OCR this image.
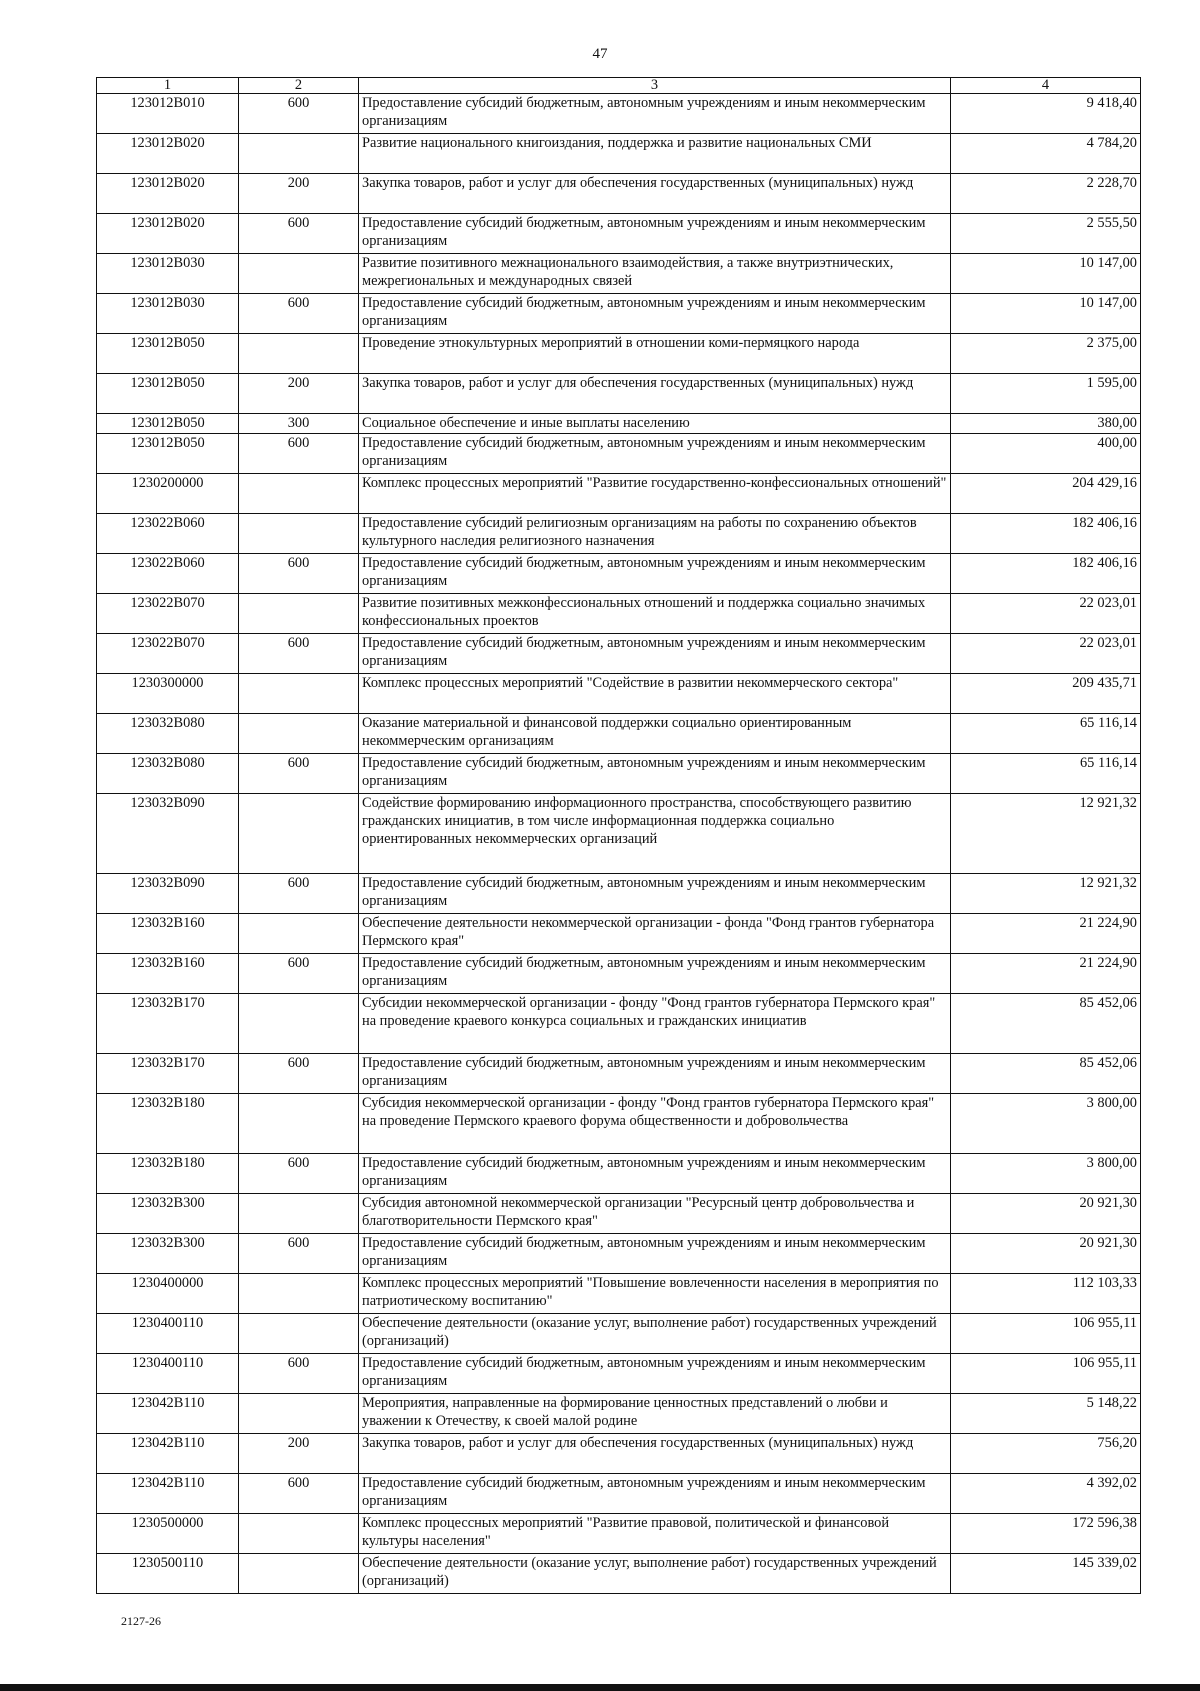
47
1	2	3	4
123012B010	600	Предоставление субсидий бюджетным, автономным учреждениям и иным некоммерческим организациям	9 418,40
123012B020		Развитие национального книгоиздания, поддержка и развитие национальных СМИ	4 784,20
123012B020	200	Закупка товаров, работ и услуг для обеспечения государственных (муниципальных) нужд	2 228,70
123012B020	600	Предоставление субсидий бюджетным, автономным учреждениям и иным некоммерческим организациям	2 555,50
123012B030		Развитие позитивного межнационального взаимодействия, а также внутриэтнических, межрегиональных и международных связей	10 147,00
123012B030	600	Предоставление субсидий бюджетным, автономным учреждениям и иным некоммерческим организациям	10 147,00
123012B050		Проведение этнокультурных мероприятий в отношении коми-пермяцкого народа	2 375,00
123012B050	200	Закупка товаров, работ и услуг для обеспечения государственных (муниципальных) нужд	1 595,00
123012B050	300	Социальное обеспечение и иные выплаты населению	380,00
123012B050	600	Предоставление субсидий бюджетным, автономным учреждениям и иным некоммерческим организациям	400,00
1230200000		Комплекс процессных мероприятий "Развитие государственно-конфессиональных отношений"	204 429,16
123022B060		Предоставление субсидий религиозным организациям на работы по сохранению объектов культурного наследия религиозного назначения	182 406,16
123022B060	600	Предоставление субсидий бюджетным, автономным учреждениям и иным некоммерческим организациям	182 406,16
123022B070		Развитие позитивных межконфессиональных отношений и поддержка социально значимых конфессиональных проектов	22 023,01
123022B070	600	Предоставление субсидий бюджетным, автономным учреждениям и иным некоммерческим организациям	22 023,01
1230300000		Комплекс процессных мероприятий "Содействие в развитии некоммерческого сектора"	209 435,71
123032B080		Оказание материальной и финансовой поддержки социально ориентированным некоммерческим организациям	65 116,14
123032B080	600	Предоставление субсидий бюджетным, автономным учреждениям и иным некоммерческим организациям	65 116,14
123032B090		Содействие формированию информационного пространства, способствующего развитию гражданских инициатив, в том числе информационная поддержка социально ориентированных некоммерческих организаций	12 921,32
123032B090	600	Предоставление субсидий бюджетным, автономным учреждениям и иным некоммерческим организациям	12 921,32
123032B160		Обеспечение деятельности некоммерческой организации - фонда "Фонд грантов губернатора Пермского края"	21 224,90
123032B160	600	Предоставление субсидий бюджетным, автономным учреждениям и иным некоммерческим организациям	21 224,90
123032B170		Субсидии некоммерческой организации - фонду "Фонд грантов губернатора Пермского края" на проведение краевого конкурса социальных и гражданских инициатив	85 452,06
123032B170	600	Предоставление субсидий бюджетным, автономным учреждениям и иным некоммерческим организациям	85 452,06
123032B180		Субсидия некоммерческой организации - фонду "Фонд грантов губернатора Пермского края" на проведение Пермского краевого форума общественности и добровольчества	3 800,00
123032B180	600	Предоставление субсидий бюджетным, автономным учреждениям и иным некоммерческим организациям	3 800,00
123032B300		Субсидия автономной некоммерческой организации "Ресурсный центр добровольчества и благотворительности Пермского края"	20 921,30
123032B300	600	Предоставление субсидий бюджетным, автономным учреждениям и иным некоммерческим организациям	20 921,30
1230400000		Комплекс процессных мероприятий "Повышение вовлеченности населения в мероприятия по патриотическому воспитанию"	112 103,33
1230400110		Обеспечение деятельности (оказание услуг, выполнение работ) государственных учреждений (организаций)	106 955,11
1230400110	600	Предоставление субсидий бюджетным, автономным учреждениям и иным некоммерческим организациям	106 955,11
123042B110		Мероприятия, направленные на формирование ценностных представлений о любви и уважении к Отечеству, к своей малой родине	5 148,22
123042B110	200	Закупка товаров, работ и услуг для обеспечения государственных (муниципальных) нужд	756,20
123042B110	600	Предоставление субсидий бюджетным, автономным учреждениям и иным некоммерческим организациям	4 392,02
1230500000		Комплекс процессных мероприятий "Развитие правовой, политической и финансовой культуры населения"	172 596,38
1230500110		Обеспечение деятельности (оказание услуг, выполнение работ) государственных учреждений (организаций)	145 339,02
2127-26
